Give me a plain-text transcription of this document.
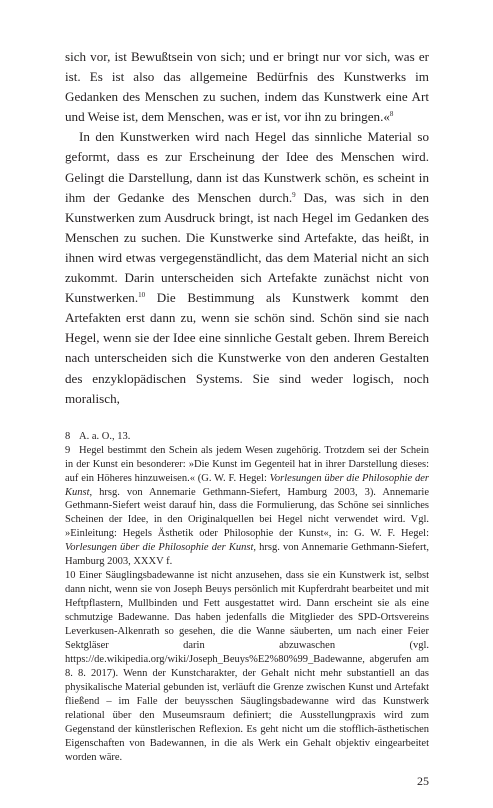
sich vor, ist Bewußtsein von sich; und er bringt nur vor sich, was er ist. Es ist also das allgemeine Bedürfnis des Kunstwerks im Gedanken des Menschen zu suchen, indem das Kunstwerk eine Art und Weise ist, dem Menschen, was er ist, vor ihn zu bringen.«$^8$

In den Kunstwerken wird nach Hegel das sinnliche Material so geformt, dass es zur Erscheinung der Idee des Menschen wird. Gelingt die Darstellung, dann ist das Kunstwerk schön, es scheint in ihm der Gedanke des Menschen durch.$^9$ Das, was sich in den Kunstwerken zum Ausdruck bringt, ist nach Hegel im Gedanken des Menschen zu suchen. Die Kunstwerke sind Artefakte, das heißt, in ihnen wird etwas vergegenständlicht, das dem Material nicht an sich zukommt. Darin unterscheiden sich Artefakte zunächst nicht von Kunstwerken.$^{10}$ Die Bestimmung als Kunstwerk kommt den Artefakten erst dann zu, wenn sie schön sind. Schön sind sie nach Hegel, wenn sie der Idee eine sinnliche Gestalt geben. Ihrem Bereich nach unterscheiden sich die Kunstwerke von den anderen Gestalten des enzyklopädischen Systems. Sie sind weder logisch, noch moralisch,

8 A. a. O., 13.

9 Hegel bestimmt den Schein als jedem Wesen zugehörig. Trotzdem sei der Schein in der Kunst ein besonderer: »Die Kunst im Gegenteil hat in ihrer Darstellung dieses: auf ein Höheres hinzuweisen.« (G. W. F. Hegel: Vorlesungen über die Philosophie der Kunst, hrsg. von Annemarie Gethmann-Siefert, Hamburg 2003, 3). Annemarie Gethmann-Siefert weist darauf hin, dass die Formulierung, das Schöne sei sinnliches Scheinen der Idee, in den Originalquellen bei Hegel nicht verwendet wird. Vgl. »Einleitung: Hegels Ästhetik oder Philosophie der Kunst«, in: G. W. F. Hegel: Vorlesungen über die Philosophie der Kunst, hrsg. von Annemarie Gethmann-Siefert, Hamburg 2003, XXXV f.

10 Einer Säuglingsbadewanne ist nicht anzusehen, dass sie ein Kunstwerk ist, selbst dann nicht, wenn sie von Joseph Beuys persönlich mit Kupferdraht bearbeitet und mit Heftpflastern, Mullbinden und Fett ausgestattet wird. Dann erscheint sie als eine schmutzige Badewanne. Das haben jedenfalls die Mitglieder des SPD-Ortsvereins Leverkusen-Alkenrath so gesehen, die die Wanne säuberten, um nach einer Feier Sektgläser darin abzuwaschen (vgl. https://de.wikipedia.org/wiki/Joseph_Beuys%E2%80%99_Badewanne, abgerufen am 8. 8. 2017). Wenn der Kunstcharakter, der Gehalt nicht mehr substantiell an das physikalische Material gebunden ist, verläuft die Grenze zwischen Kunst und Artefakt fließend – im Falle der beuysschen Säuglingsbadewanne wird das Kunstwerk relational über den Museumsraum definiert; die Ausstellungpraxis wird zum Gegenstand der künstlerischen Reflexion. Es geht nicht um die stofflich-ästhetischen Eigenschaften von Badewannen, in die als Werk ein Gehalt objektiv eingearbeitet worden wäre.

25
